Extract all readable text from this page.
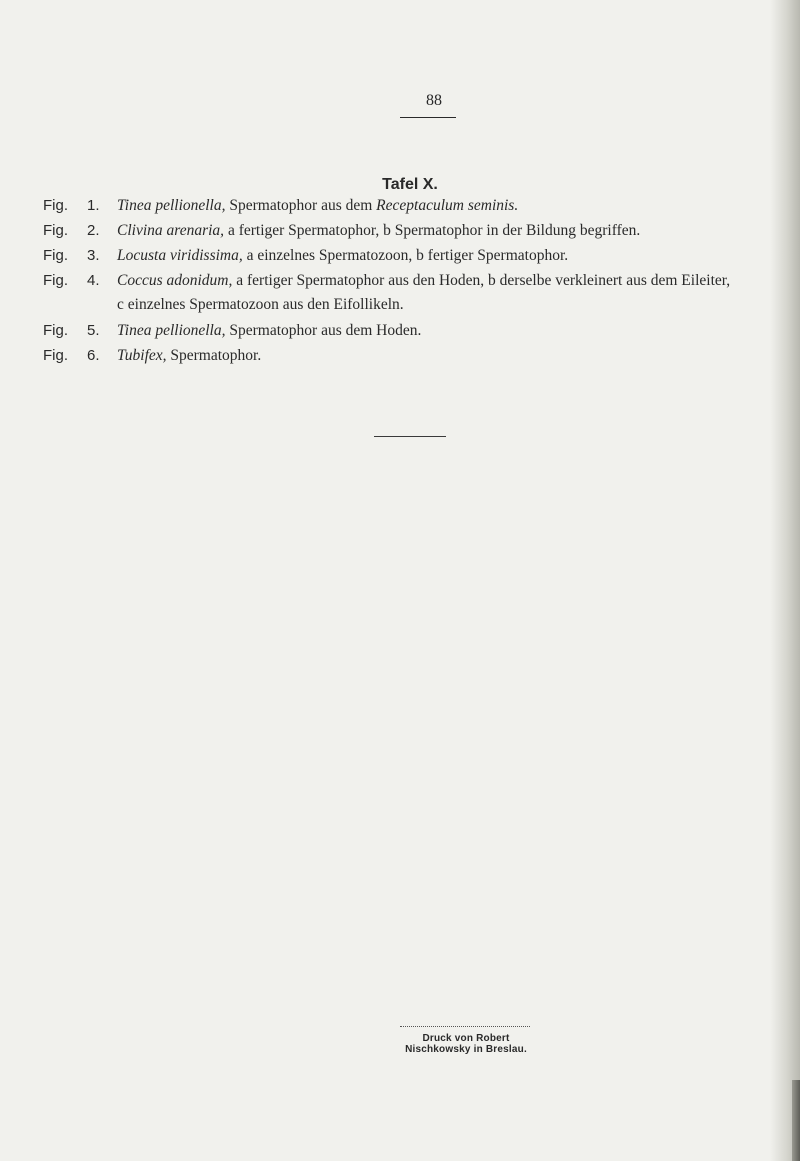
88
Tafel X.
Fig. 1. Tinea pellionella, Spermatophor aus dem Receptaculum seminis.
Fig. 2. Clivina arenaria, a fertiger Spermatophor, b Spermatophor in der Bildung begriffen.
Fig. 3. Locusta viridissima, a einzelnes Spermatozoon, b fertiger Spermatophor.
Fig. 4. Coccus adonidum, a fertiger Spermatophor aus den Hoden, b derselbe verkleinert aus dem Eileiter,
c einzelnes Spermatozoon aus den Eifollikeln.
Fig. 5. Tinea pellionella, Spermatophor aus dem Hoden.
Fig. 6. Tubifex, Spermatophor.
Druck von Robert Nischkowsky in Breslau.
